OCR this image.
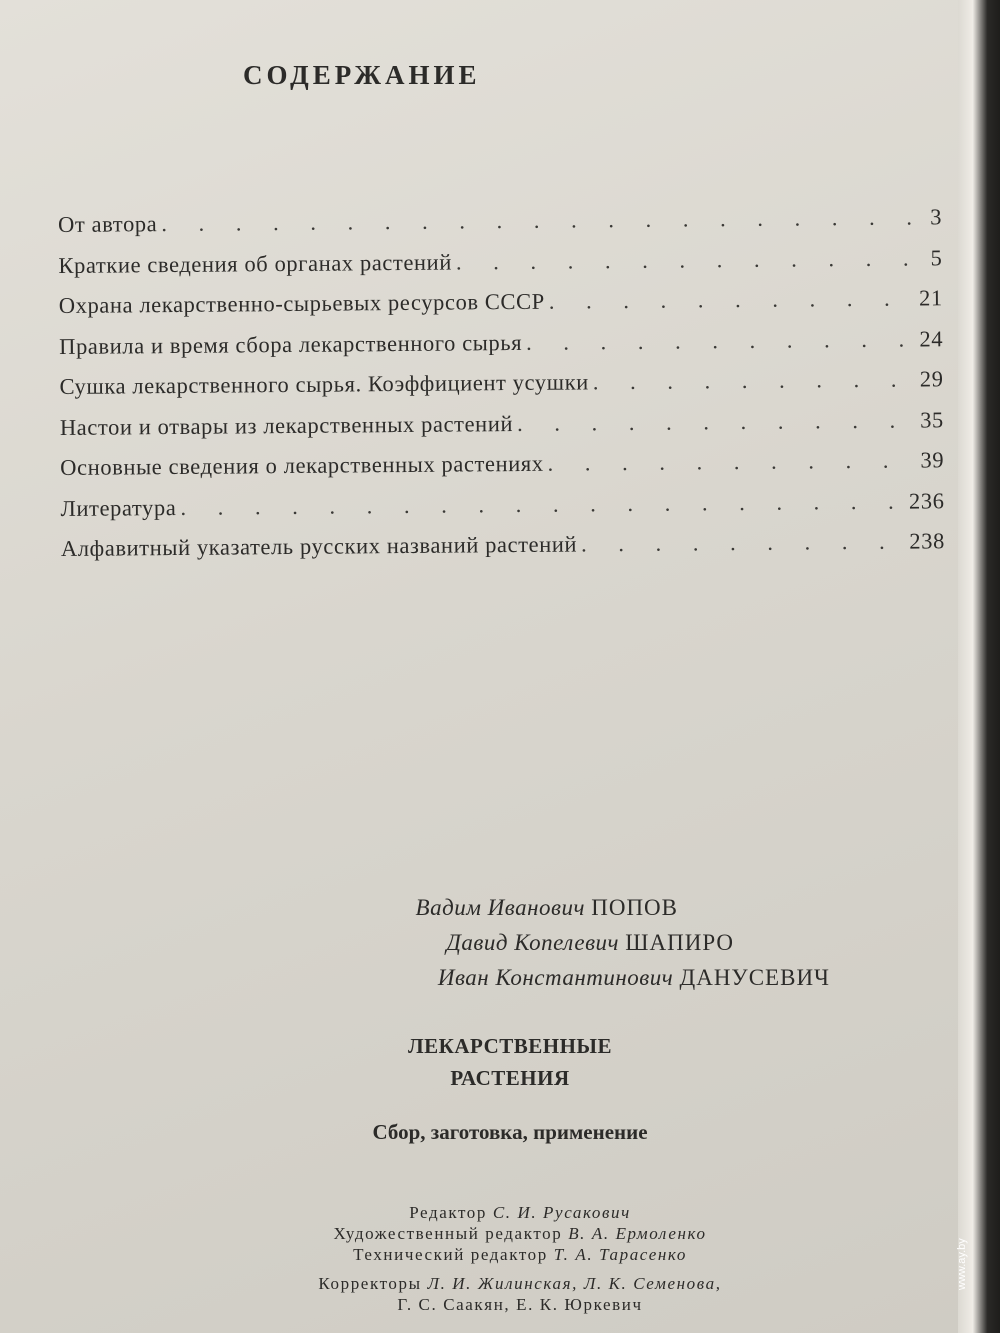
СОДЕРЖАНИЕ
От автора . . .	3
Краткие сведения об органах растений . . .	5
Охрана лекарственно-сырьевых ресурсов СССР . . .	21
Правила и время сбора лекарственного сырья . . .	24
Сушка лекарственного сырья. Коэффициент усушки . . .	29
Настои и отвары из лекарственных растений . . .	35
Основные сведения о лекарственных растениях . . .	39
Литература . . .	236
Алфавитный указатель русских названий растений . . .	238
Вадим Иванович ПОПОВ
Давид Копелевич ШАПИРО
Иван Константинович ДАНУСЕВИЧ
ЛЕКАРСТВЕННЫЕ
РАСТЕНИЯ
Сбор, заготовка, применение
Редактор С. И. Русакович
Художественный редактор В. А. Ермоленко
Технический редактор Т. А. Тарасенко
Корректоры Л. И. Жилинская, Л. К. Семенова,
Г. С. Саакян, Е. К. Юркевич
www.ay.by
